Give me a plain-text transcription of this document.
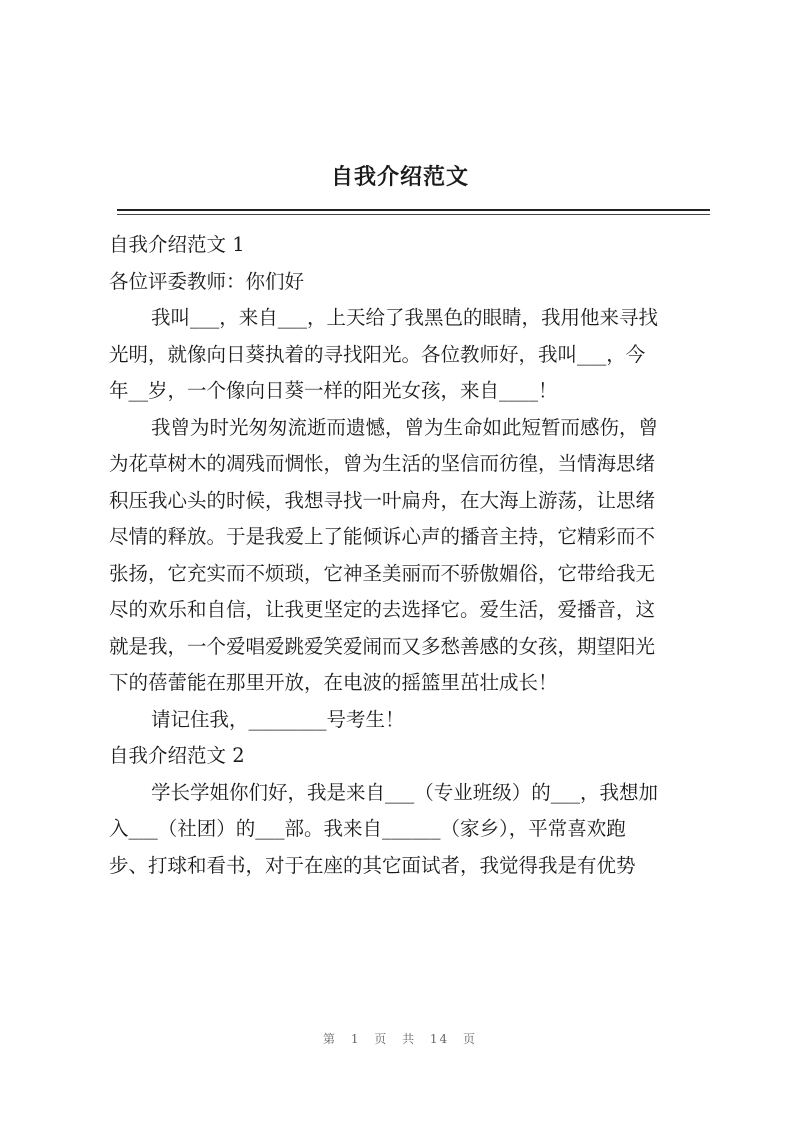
自我介绍范文
自我介绍范文 1
各位评委教师：你们好
我叫___，来自___，上天给了我黑色的眼睛，我用他来寻找
光明，就像向日葵执着的寻找阳光。各位教师好，我叫___，今
年__岁，一个像向日葵一样的阳光女孩，来自____！
我曾为时光匆匆流逝而遗憾，曾为生命如此短暂而感伤，曾
为花草树木的凋残而惆怅，曾为生活的坚信而彷徨，当情海思绪
积压我心头的时候，我想寻找一叶扁舟，在大海上游荡，让思绪
尽情的释放。于是我爱上了能倾诉心声的播音主持，它精彩而不
张扬，它充实而不烦琐，它神圣美丽而不骄傲媚俗，它带给我无
尽的欢乐和自信，让我更坚定的去选择它。爱生活，爱播音，这
就是我，一个爱唱爱跳爱笑爱闹而又多愁善感的女孩，期望阳光
下的蓓蕾能在那里开放，在电波的摇篮里茁壮成长！
请记住我，________号考生！
自我介绍范文 2
学长学姐你们好，我是来自___（专业班级）的___，我想加
入___（社团）的___部。我来自______（家乡），平常喜欢跑
步、打球和看书，对于在座的其它面试者，我觉得我是有优势
第 1 页 共 14 页
